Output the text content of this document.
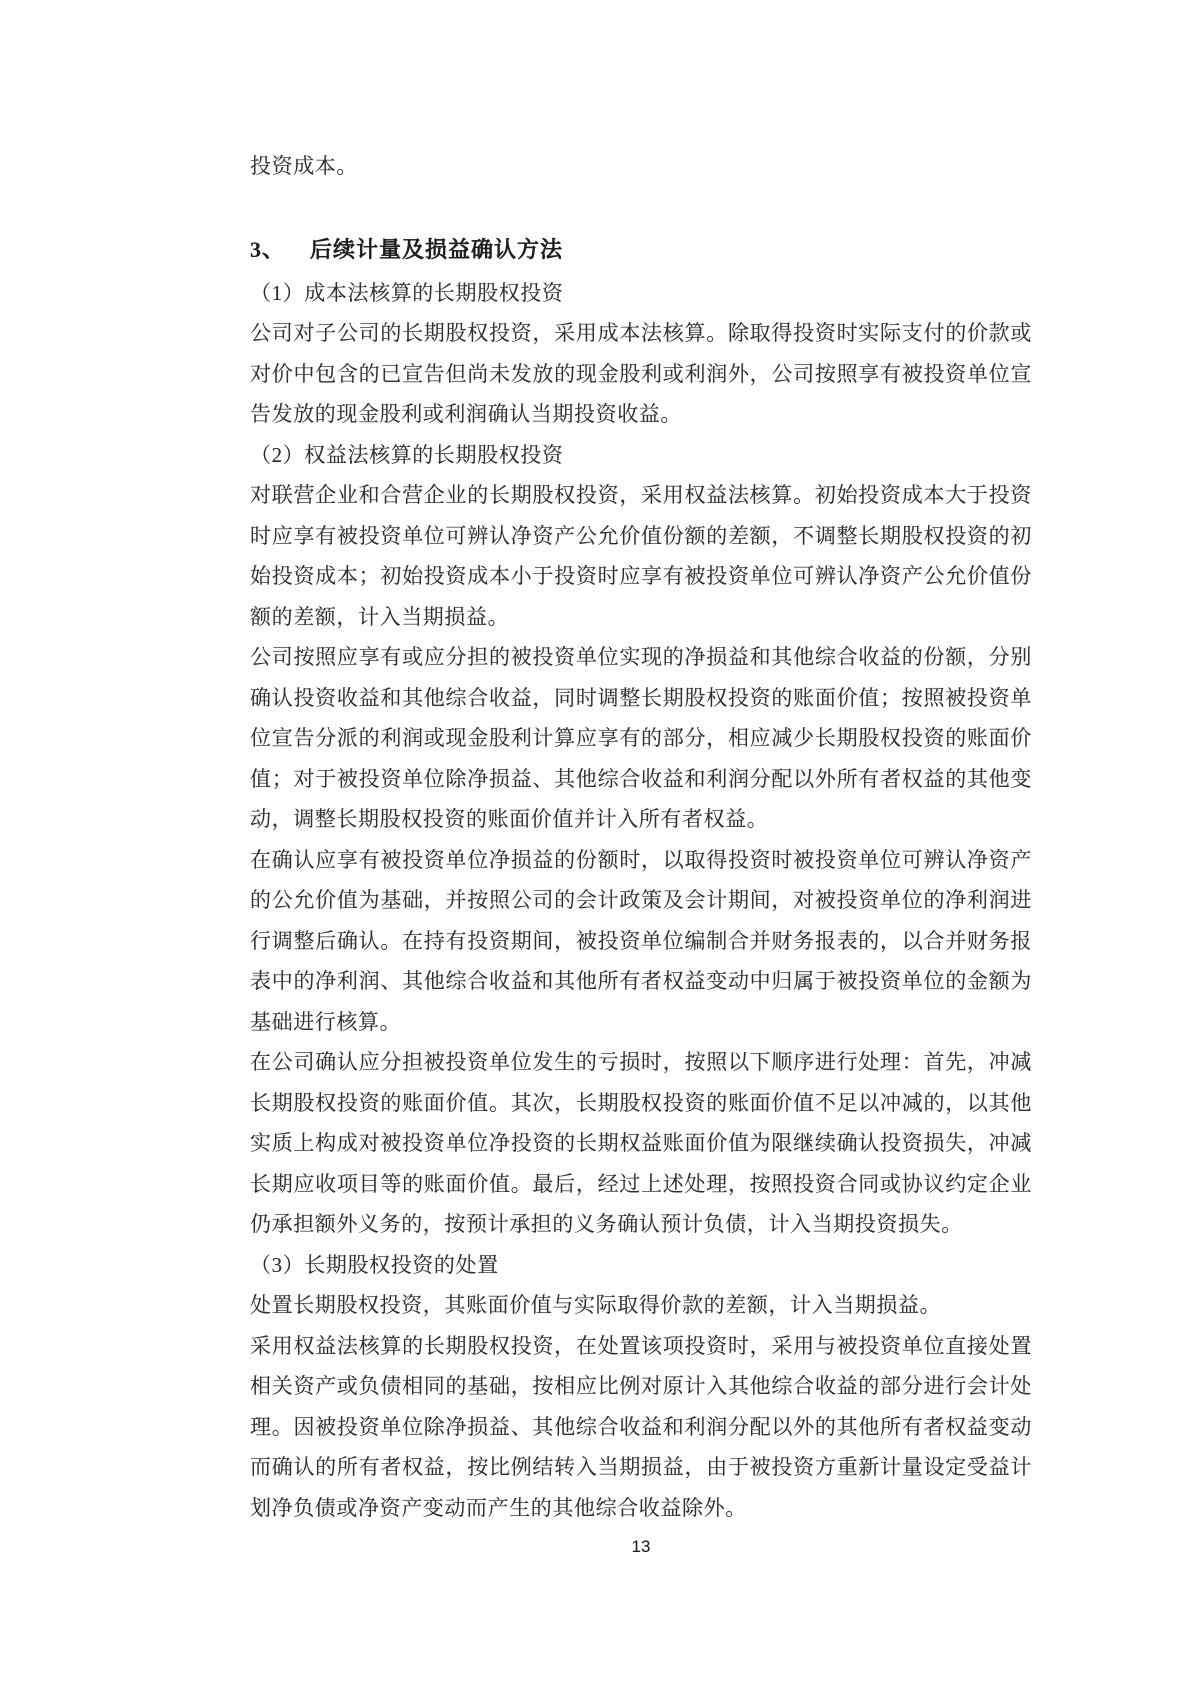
投资成本。
3、 后续计量及损益确认方法
（1）成本法核算的长期股权投资
公司对子公司的长期股权投资，采用成本法核算。除取得投资时实际支付的价款或
对价中包含的已宣告但尚未发放的现金股利或利润外，公司按照享有被投资单位宣
告发放的现金股利或利润确认当期投资收益。
（2）权益法核算的长期股权投资
对联营企业和合营企业的长期股权投资，采用权益法核算。初始投资成本大于投资
时应享有被投资单位可辨认净资产公允价值份额的差额，不调整长期股权投资的初
始投资成本；初始投资成本小于投资时应享有被投资单位可辨认净资产公允价值份
额的差额，计入当期损益。
公司按照应享有或应分担的被投资单位实现的净损益和其他综合收益的份额，分别
确认投资收益和其他综合收益，同时调整长期股权投资的账面价值；按照被投资单
位宣告分派的利润或现金股利计算应享有的部分，相应减少长期股权投资的账面价
值；对于被投资单位除净损益、其他综合收益和利润分配以外所有者权益的其他变
动，调整长期股权投资的账面价值并计入所有者权益。
在确认应享有被投资单位净损益的份额时，以取得投资时被投资单位可辨认净资产
的公允价值为基础，并按照公司的会计政策及会计期间，对被投资单位的净利润进
行调整后确认。在持有投资期间，被投资单位编制合并财务报表的，以合并财务报
表中的净利润、其他综合收益和其他所有者权益变动中归属于被投资单位的金额为
基础进行核算。
在公司确认应分担被投资单位发生的亏损时，按照以下顺序进行处理：首先，冲减
长期股权投资的账面价值。其次，长期股权投资的账面价值不足以冲减的，以其他
实质上构成对被投资单位净投资的长期权益账面价值为限继续确认投资损失，冲减
长期应收项目等的账面价值。最后，经过上述处理，按照投资合同或协议约定企业
仍承担额外义务的，按预计承担的义务确认预计负债，计入当期投资损失。
（3）长期股权投资的处置
处置长期股权投资，其账面价值与实际取得价款的差额，计入当期损益。
采用权益法核算的长期股权投资，在处置该项投资时，采用与被投资单位直接处置
相关资产或负债相同的基础，按相应比例对原计入其他综合收益的部分进行会计处
理。因被投资单位除净损益、其他综合收益和利润分配以外的其他所有者权益变动
而确认的所有者权益，按比例结转入当期损益，由于被投资方重新计量设定受益计
划净负债或净资产变动而产生的其他综合收益除外。
13
